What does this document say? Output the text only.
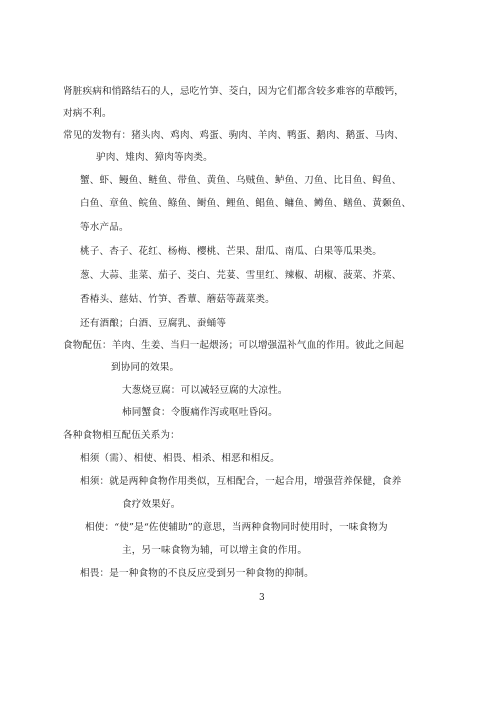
肾脏疾病和悄路结石的人，忌吃竹笋、茭白，因为它们都含较多难容的草酸钙，
对病不利。
常见的发物有：猪头肉、鸡肉、鸡蛋、驹肉、羊肉、鸭蛋、鹅肉、鹅蛋、马肉、
驴肉、雉肉、獐肉等肉类。
蟹、虾、鳗鱼、鲢鱼、带鱼、黄鱼、乌贼鱼、鲈鱼、刀鱼、比目鱼、鲟鱼、
白鱼、章鱼、鲩鱼、鲦鱼、鲥鱼、鲤鱼、鲳鱼、鳙鱼、鳟鱼、鳝鱼、黄颡鱼、
等水产品。
桃子、杏子、花红、杨梅、樱桃、芒果、甜瓜、南瓜、白果等瓜果类。
葱、大蒜、韭菜、茄子、茭白、芫荽、雪里红、辣椒、胡椒、菠菜、芥菜、
香椿头、慈姑、竹笋、香蕈、蘑菇等蔬菜类。
还有酒酿；白酒、豆腐乳、蚕蛹等
食物配伍：羊肉、生姜、当归一起煨汤；可以增强温补气血的作用。彼此之间起
到协同的效果。
大葱烧豆腐：可以减轻豆腐的大凉性。
柿同蟹食：令腹痛作泻或呕吐昏闷。
各种食物相互配伍关系为：
相须（需）、相使、相畏、相杀、相恶和相反。
相须：就是两种食物作用类似，互相配合，一起合用，增强营养保健，食养
食疗效果好。
相使：“使”是“佐使辅助”的意思，当两种食物同时使用时，一味食物为
主，另一味食物为辅，可以增主食的作用。
相畏：是一种食物的不良反应受到另一种食物的抑制。
3
